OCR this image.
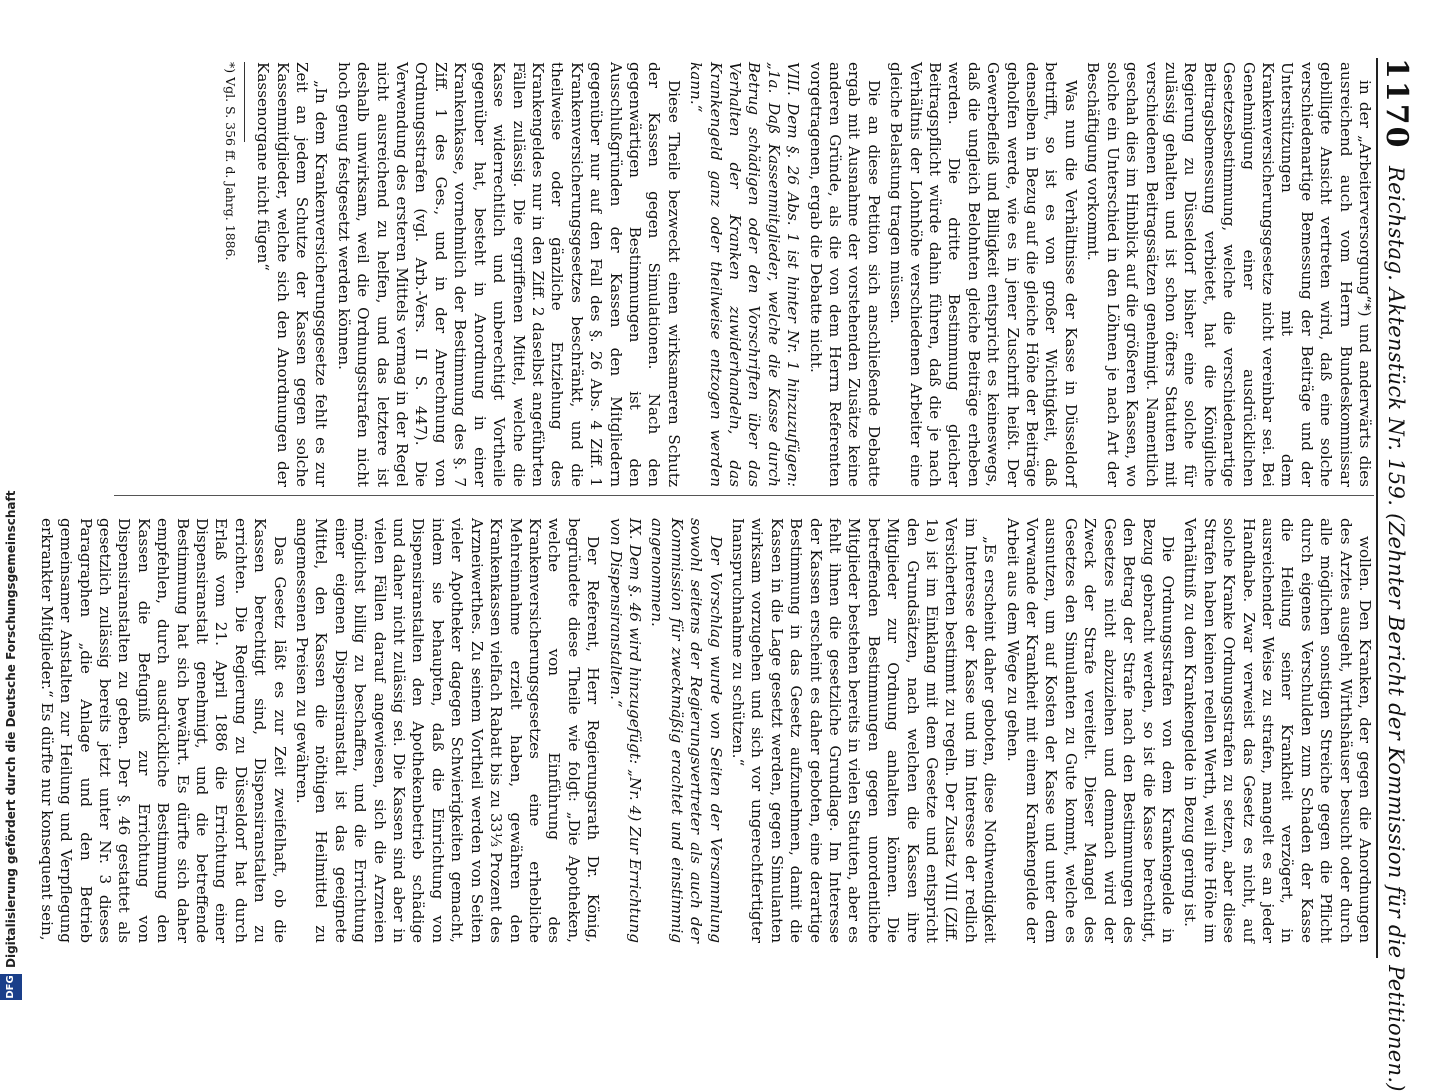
1170
Reichstag. Aktenstück Nr. 159. (Zehnter Bericht der Kommission für die Petitionen.)

in der „Arbeiterversorgung“*) und anderwärts dies ausreichend auch vom Herrn Bundeskommissar gebilligte Ansicht vertreten wird, daß eine solche verschiedenartige Bemessung der Beiträge und der Unterstützungen mit dem Krankenversicherungsgesetze nicht vereinbar sei. Bei Genehmigung einer ausdrücklichen Gesetzesbestimmung, welche die verschiedenartige Beitragsbemessung verbietet, hat die Königliche Regierung zu Düsseldorf bisher eine solche für zulässig gehalten und ist schon öfters Statuten mit verschiedenen Beitragssätzen genehmigt. Namentlich geschah dies im Hinblick auf die größeren Kassen, wo solche ein Unterschied in den Löhnen je nach Art der Beschäftigung vorkommt.

Was nun die Verhältnisse der Kasse in Düsseldorf betrifft, so ist es von großer Wichtigkeit, daß denselben in Bezug auf die gleiche Höhe der Beiträge geholfen werde, wie es in jener Zuschrift heißt. Der Gewerbefleiß und Billigkeit entspricht es keineswegs, daß die ungleich Belohnten gleiche Beiträge erheben werden. Die dritte Bestimmung gleicher Beitragspflicht würde dahin führen, daß die je nach Verhältnis der Lohnhöhe verschiedenen Arbeiter eine gleiche Belastung tragen müssen.

Die an diese Petition sich anschließende Debatte ergab mit Ausnahme der vorstehenden Zusätze keine anderen Gründe, als die von dem Herrn Referenten vorgetragenen, ergab die Debatte nicht.

VIII. Dem §. 26 Abs. 1 ist hinter Nr. 1 hinzuzufügen: „1a. Daß Kassenmitglieder, welche die Kasse durch Betrug schädigen oder den Vorschriften über das Verhalten der Kranken zuwiderhandeln, das Krankengeld ganz oder theilweise entzogen werden kann.“

Diese Theile bezweckt einen wirksameren Schutz der Kassen gegen Simulationen. Nach den gegenwärtigen Bestimmungen ist den Ausschlußgründen der Kassen den Mitgliedern gegenüber nur auf den Fall des §. 26 Abs. 4 Ziff. 1 Krankenversicherungsgesetzes beschränkt, und die theilweise oder gänzliche Entziehung des Krankengeldes nur in den Ziff. 2 daselbst angeführten Fällen zulässig. Die ergriffenen Mittel, welche die Kasse widerrechtlich und unberechtigt Vortheile gegenüber hat, besteht in Anordnung in einer Krankenkasse, vornehmlich der Bestimmung des §. 7 Ziff. 1 des Ges., und in der Anrechnung von Ordnungsstrafen (vgl. Arb.-Vers. II S. 447). Die Verwendung des ersteren Mittels vermag in der Regel nicht ausreichend zu helfen, und das letztere ist deshalb unwirksam, weil die Ordnungsstrafen nicht hoch genug festgesetzt werden können.

„In dem Krankenversicherungsgesetze fehlt es zur Zeit an jedem Schutze der Kassen gegen solche Kassenmitglieder, welche sich den Anordnungen der Kassenorgane nicht fügen“

*) Vgl. S. 356 ff. d. Jahrg. 1886.

wollen. Den Kranken, der gegen die Anordnungen des Arztes ausgeht, Wirthshäuser besucht oder durch alle möglichen sonstigen Streiche gegen die Pflicht durch eigenes Verschulden zum Schaden der Kasse die Heilung seiner Krankheit verzögert, in ausreichender Weise zu strafen, mangelt es an jeder Handhabe. Zwar verweist das Gesetz es nicht, auf solche Kranke Ordnungsstrafen zu setzen, aber diese Strafen haben keinen reellen Werth, weil ihre Höhe im Verhältniß zu dem Krankengelde in Bezug gering ist.

Die Ordnungsstrafen von dem Krankengelde in Bezug gebracht werden, so ist die Kasse berechtigt, den Betrag der Strafe nach den Bestimmungen des Gesetzes nicht abzuziehen und demnach wird der Zweck der Strafe vereitelt. Dieser Mangel des Gesetzes den Simulanten zu Gute kommt, welche es ausnutzen, um auf Kosten der Kasse und unter dem Vorwande der Krankheit mit einem Krankengelde der Arbeit aus dem Wege zu gehen.

„Es erscheint daher geboten, diese Nothwendigkeit im Interesse der Kasse und im Interesse der redlich Versicherten bestimmt zu regeln. Der Zusatz VIII (Ziff. 1a) ist im Einklang mit dem Gesetze und entspricht den Grundsätzen, nach welchen die Kassen ihre Mitglieder zur Ordnung anhalten können. Die betreffenden Bestimmungen gegen unordentliche Mitglieder bestehen bereits in vielen Statuten, aber es fehlt ihnen die gesetzliche Grundlage. Im Interesse der Kassen erscheint es daher geboten, eine derartige Bestimmung in das Gesetz aufzunehmen, damit die Kassen in die Lage gesetzt werden, gegen Simulanten wirksam vorzugehen und sich vor ungerechtfertigter Inanspruchnahme zu schützen.“

Der Vorschlag wurde von Seiten der Versammlung sowohl seitens der Regierungsvertreter als auch der Kommission für zweckmäßig erachtet und einstimmig angenommen.

IX. Dem §. 46 wird hinzugefügt: „Nr. 4) Zur Errichtung von Dispensiranstalten.“

Der Referent, Herr Regierungsrath Dr. König, begründete diese Theile wie folgt: „Die Apotheken, welche von Einführung des Krankenversicherungsgesetzes eine erhebliche Mehreinnahme erzielt haben, gewähren den Krankenkassen vielfach Rabatt bis zu 33⅓ Prozent des Arzneiwerthes. Zu seinem Vortheil werden von Seiten vieler Apotheker dagegen Schwierigkeiten gemacht, indem sie behaupten, daß die Einrichtung von Dispensiranstalten den Apothekenbetrieb schädige und daher nicht zulässig sei. Die Kassen sind aber in vielen Fällen darauf angewiesen, sich die Arzneien möglichst billig zu beschaffen, und die Errichtung einer eigenen Dispensiranstalt ist das geeignete Mittel, den Kassen die nöthigen Heilmittel zu angemessenen Preisen zu gewähren.

Das Gesetz läßt es zur Zeit zweifelhaft, ob die Kassen berechtigt sind, Dispensiranstalten zu errichten. Die Regierung zu Düsseldorf hat durch Erlaß vom 21. April 1886 die Errichtung einer Dispensiranstalt genehmigt, und die betreffende Bestimmung hat sich bewährt. Es dürfte sich daher empfehlen, durch ausdrückliche Bestimmung den Kassen die Befugniß zur Errichtung von Dispensiranstalten zu geben. Der §. 46 gestattet als gesetzlich zulässig bereits jetzt unter Nr. 3 dieses Paragraphen „die Anlage und den Betrieb gemeinsamer Anstalten zur Heilung und Verpflegung erkrankter Mitglieder.“ Es dürfte nur konsequent sein,

DFG
Digitalisierung gefördert durch die Deutsche Forschungsgemeinschaft
